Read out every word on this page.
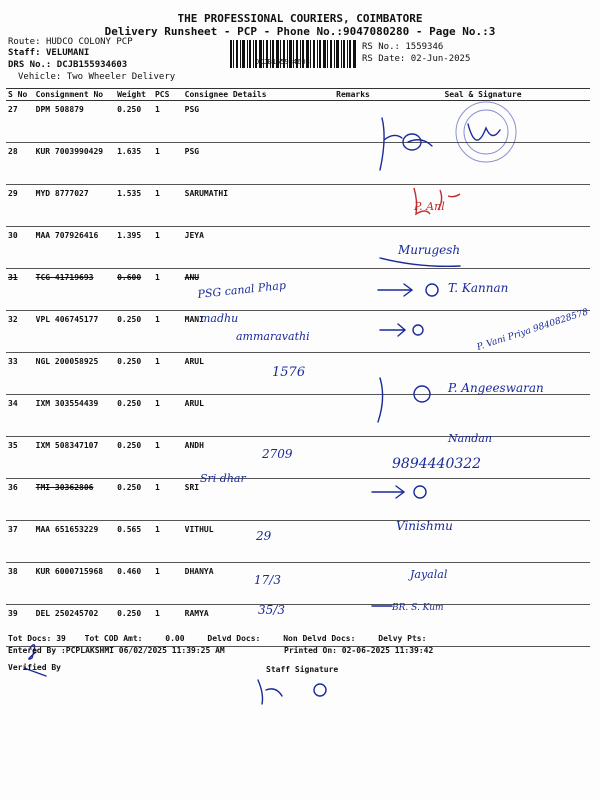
THE PROFESSIONAL COURIERS, COIMBATORE
Delivery Runsheet - PCP - Phone No.:9047080280 - Page No.:3
Route: HUDCO COLONY PCP
Staff: VELUMANI
DRS No.: DCJB155934603
Vehicle: Two Wheeler Delivery
DCJB155934603
RS No.: 1559346
RS Date: 02-Jun-2025
S No	Consignment No	Weight	PCS	Consignee Details	Remarks	Seal & Signature
27	DPM 508879	0.250	1	PSG		
28	KUR 7003990429	1.635	1	PSG		
29	MYD 8777027	1.535	1	SARUMATHI		
30	MAA 707926416	1.395	1	JEYA		
31	TCG 41719693	0.600	1	ANU		
32	VPL 406745177	0.250	1	MANI		
33	NGL 200058925	0.250	1	ARUL		
34	IXM 303554439	0.250	1	ARUL		
35	IXM 508347107	0.250	1	ANDH		
36	TMI 30362806	0.250	1	SRI		
37	MAA 651653229	0.565	1	VITHUL		
38	KUR 6000715968	0.460	1	DHANYA		
39	DEL 250245702	0.250	1	RAMYA		
P. Anl
Murugesh
PSG canal Phap	T. Kannan
madhu
ammaravathi	P. Vani Priya 9840828578
1576
P. Angeeswaran
Nandan
2709
9894440322
Sri dhar
29
Vinishmu
17/3	Jayalal
35/3	BR. S. Kum
Tot Docs: 39 Tot COD Amt:	0.00	Delvd Docs:	Non Delvd Docs:	Delvy Pts:
Entered By :PCPLAKSHMI 06/02/2025 11:39:25 AM	Printed On: 02-06-2025 11:39:42
Verified By	Staff Signature
